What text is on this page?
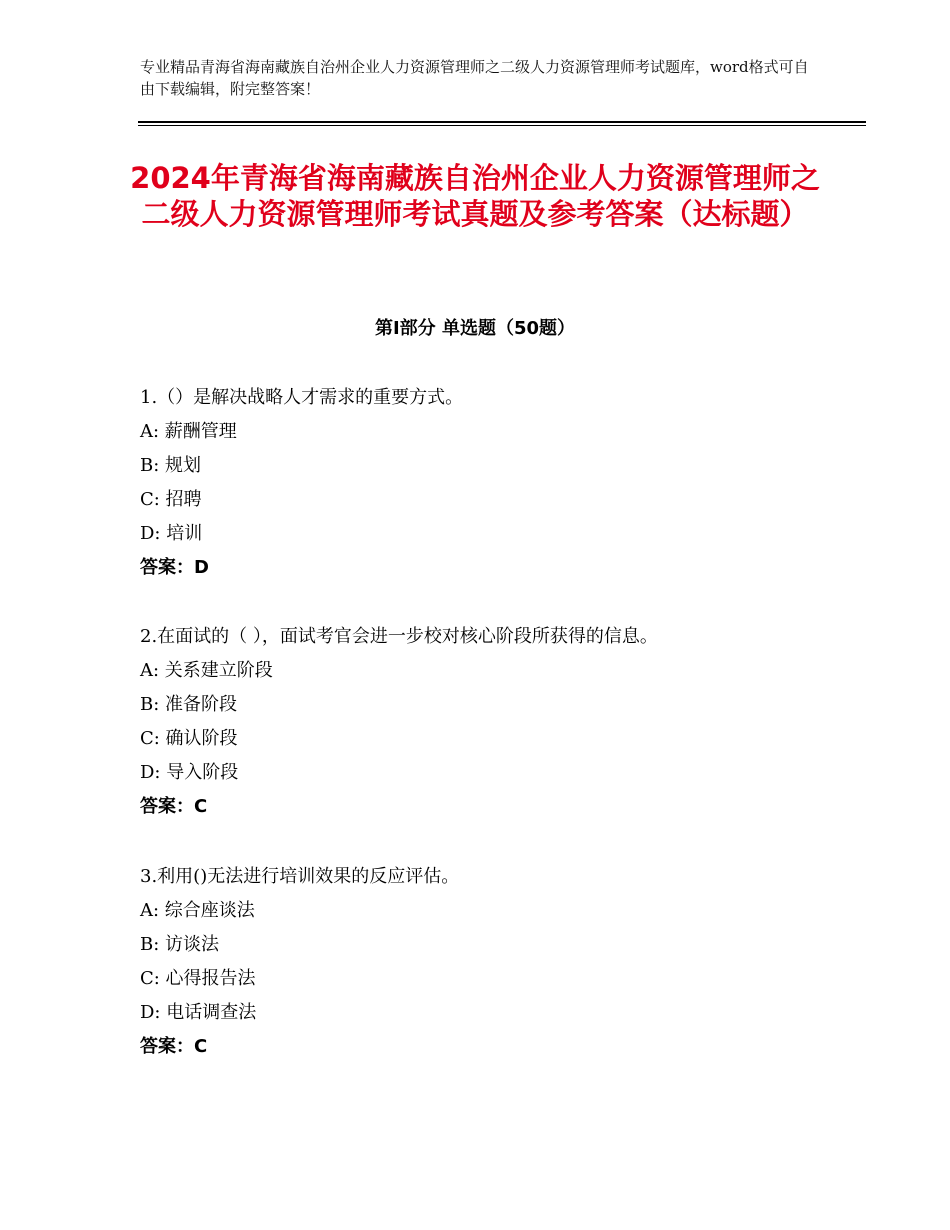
专业精品青海省海南藏族自治州企业人力资源管理师之二级人力资源管理师考试题库，word格式可自由下载编辑，附完整答案！
2024年青海省海南藏族自治州企业人力资源管理师之二级人力资源管理师考试真题及参考答案（达标题）
第Ⅰ部分 单选题（50题）
1.（）是解决战略人才需求的重要方式。
A: 薪酬管理
B: 规划
C: 招聘
D: 培训
答案：D
2.在面试的（ ），面试考官会进一步校对核心阶段所获得的信息。
A: 关系建立阶段
B: 准备阶段
C: 确认阶段
D: 导入阶段
答案：C
3.利用()无法进行培训效果的反应评估。
A: 综合座谈法
B: 访谈法
C: 心得报告法
D: 电话调查法
答案：C
